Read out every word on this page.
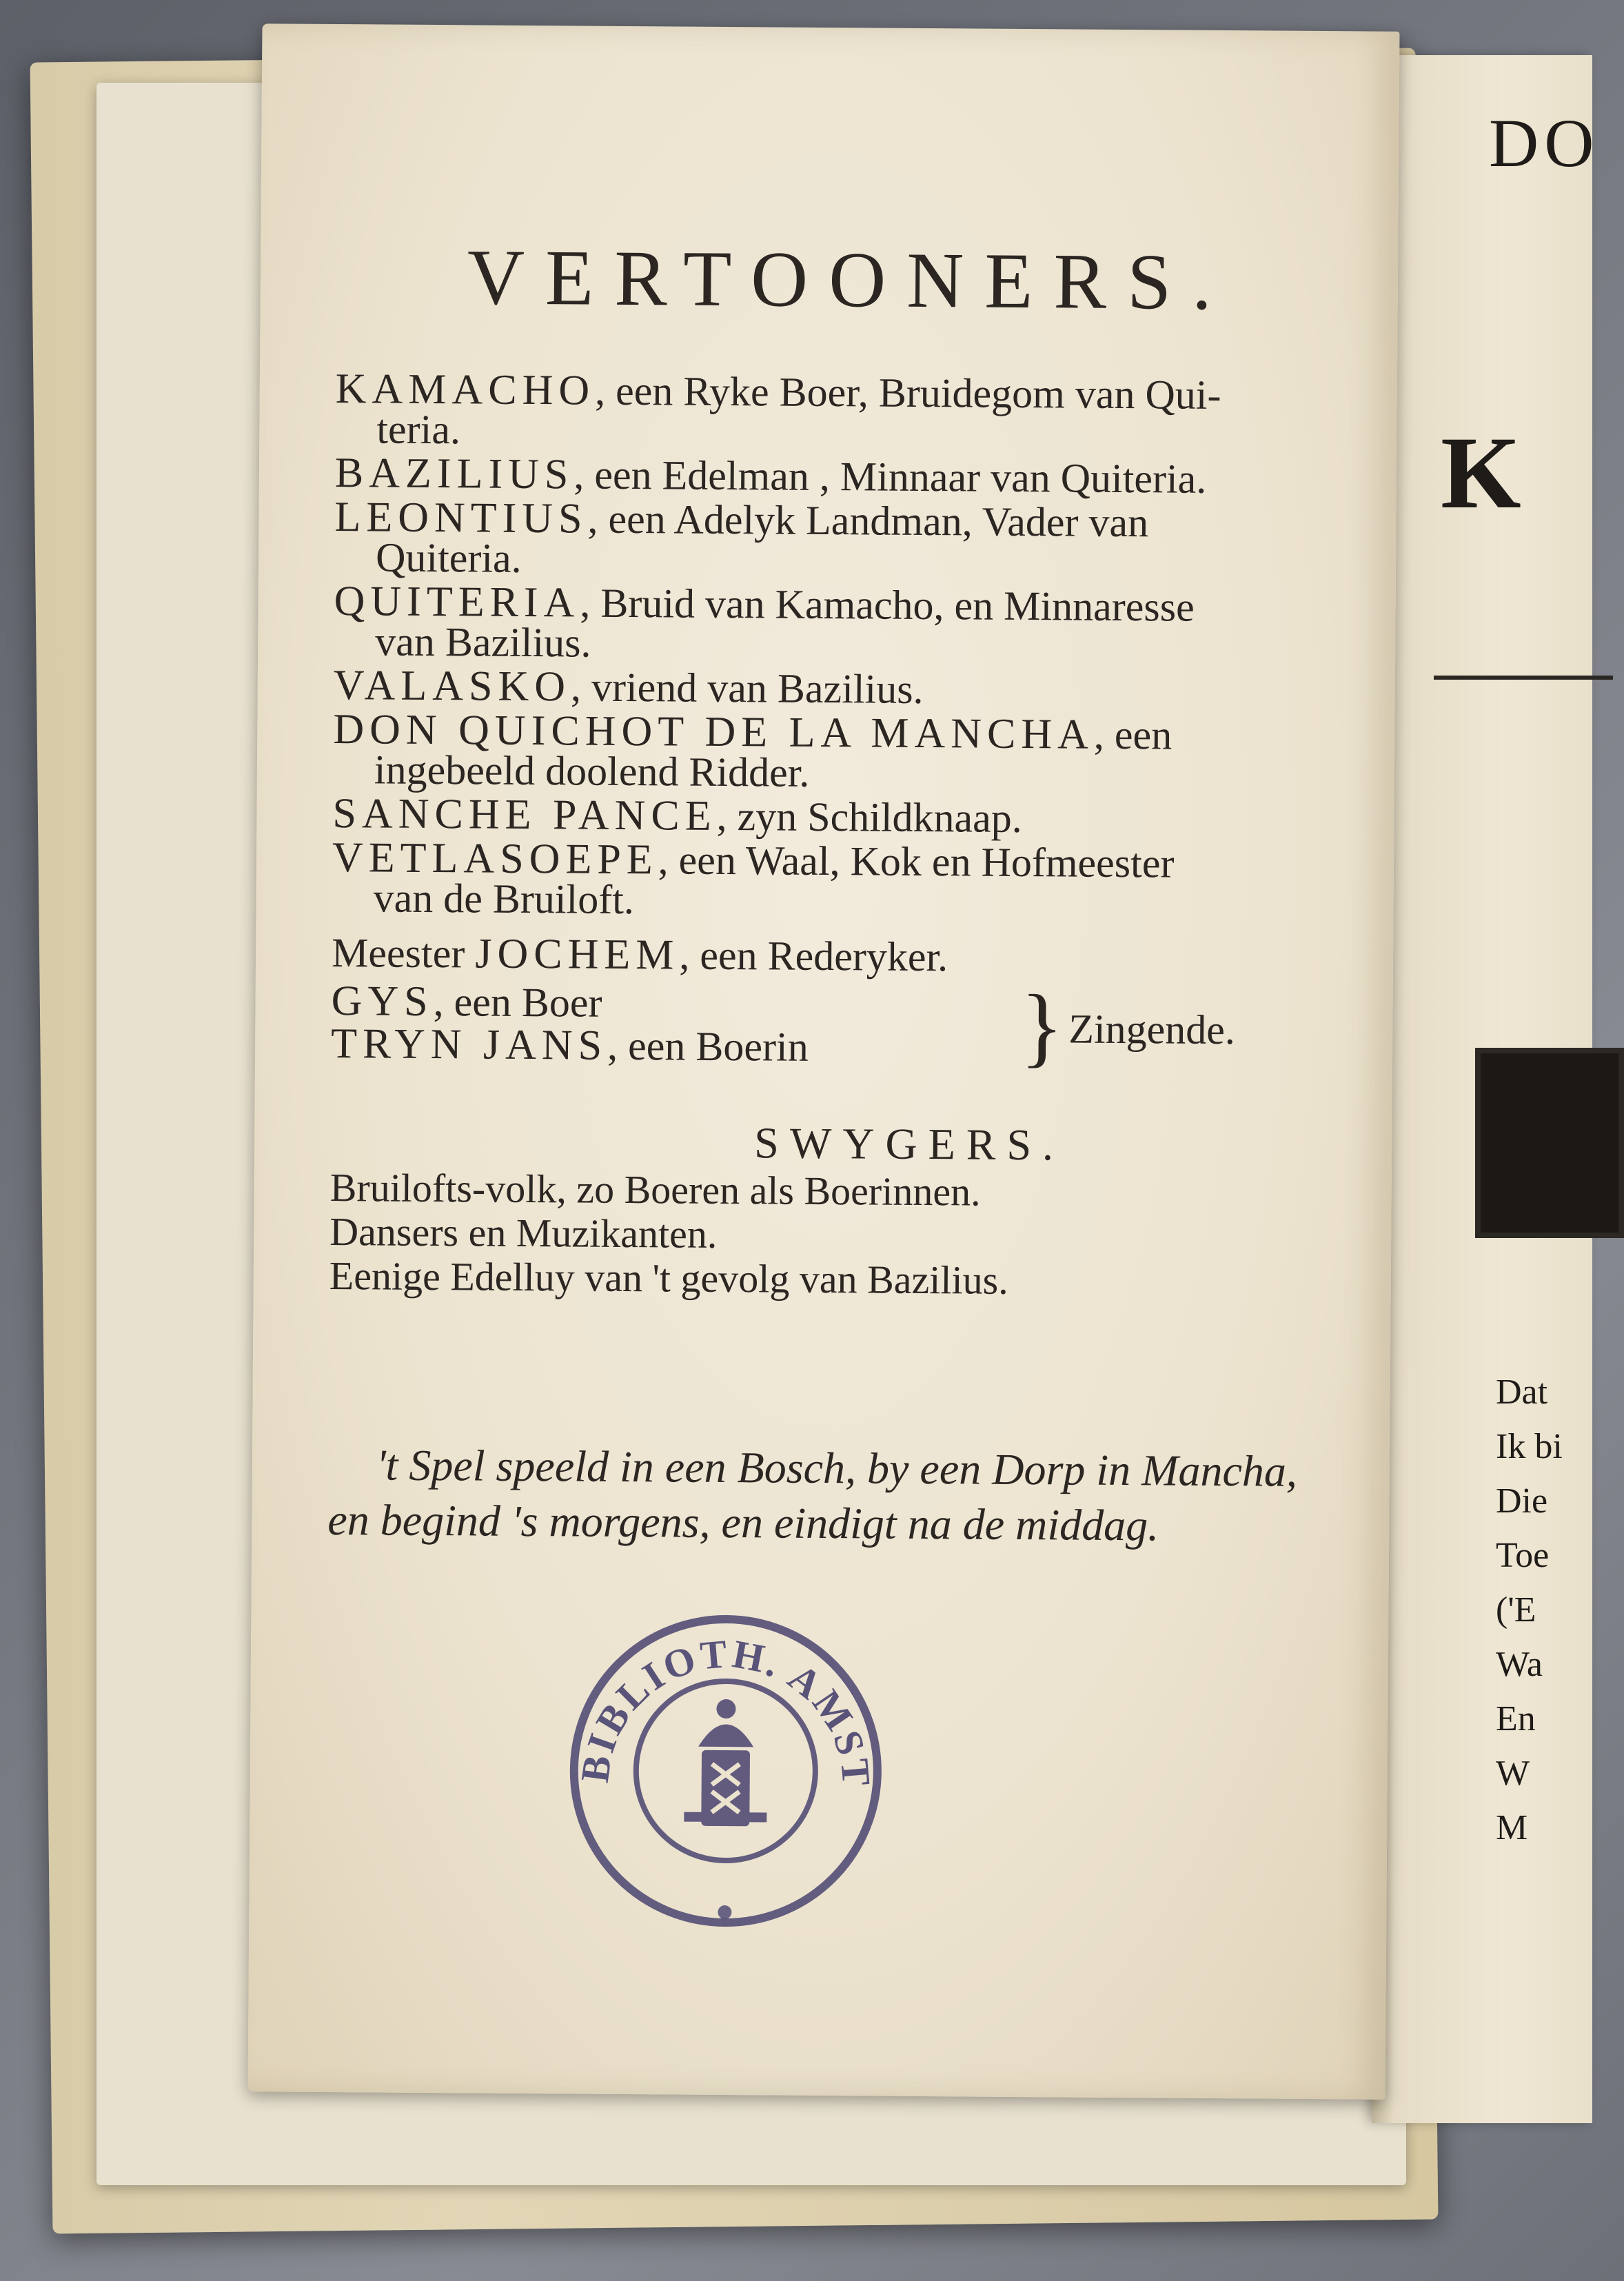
DO
K
Dat
Ik bi
Die
Toe
('E
Wa
En
W
M
VERTOONERS.
KAMACHO, een Ryke Boer, Bruidegom van Qui-
teria.
BAZILIUS, een Edelman , Minnaar van Quiteria.
LEONTIUS, een Adelyk Landman, Vader van
Quiteria.
QUITERIA, Bruid van Kamacho, en Minnaresse
van Bazilius.
VALASKO, vriend van Bazilius.
DON QUICHOT DE LA MANCHA, een
ingebeeld doolend Ridder.
SANCHE PANCE, zyn Schildknaap.
VETLASOEPE, een Waal, Kok en Hofmeester
van de Bruiloft.
Meester JOCHEM, een Rederyker.
GYS, een Boer
TRYN JANS, een Boerin } Zingende.
SWYGERS.
Bruilofts-volk, zo Boeren als Boerinnen.
Dansers en Muzikanten.
Eenige Edelluy van 't gevolg van Bazilius.
't Spel speeld in een Bosch, by een Dorp in Mancha,
en begind 's morgens, en eindigt na de middag.
BIBLIOTH. AMSTELAED.
